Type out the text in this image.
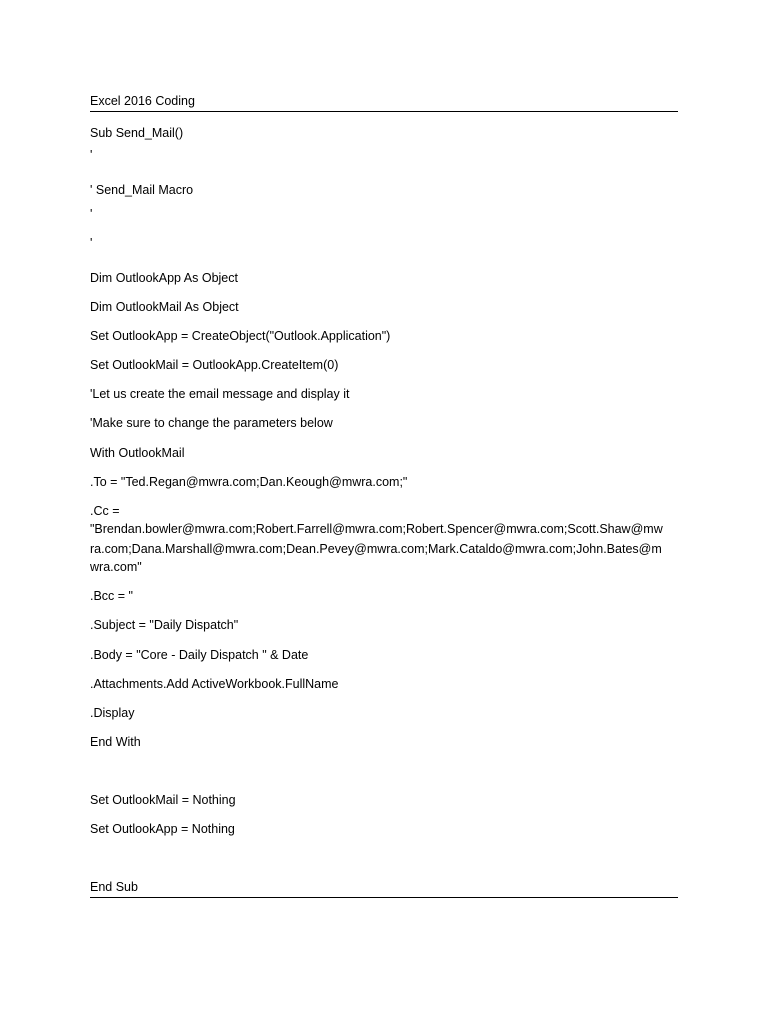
Excel 2016 Coding
Sub Send_Mail()
'
' Send_Mail Macro
'
'
Dim OutlookApp As Object
Dim OutlookMail As Object
Set OutlookApp = CreateObject("Outlook.Application")
Set OutlookMail = OutlookApp.CreateItem(0)
'Let us create the email message and display it
'Make sure to change the parameters below
With OutlookMail
.To = "Ted.Regan@mwra.com;Dan.Keough@mwra.com;"
.Cc =
"Brendan.bowler@mwra.com;Robert.Farrell@mwra.com;Robert.Spencer@mwra.com;Scott.Shaw@mw
ra.com;Dana.Marshall@mwra.com;Dean.Pevey@mwra.com;Mark.Cataldo@mwra.com;John.Bates@m
wra.com"
.Bcc = "
.Subject = "Daily Dispatch"
.Body = "Core - Daily Dispatch " & Date
.Attachments.Add ActiveWorkbook.FullName
.Display
End With
Set OutlookMail = Nothing
Set OutlookApp = Nothing
End Sub
